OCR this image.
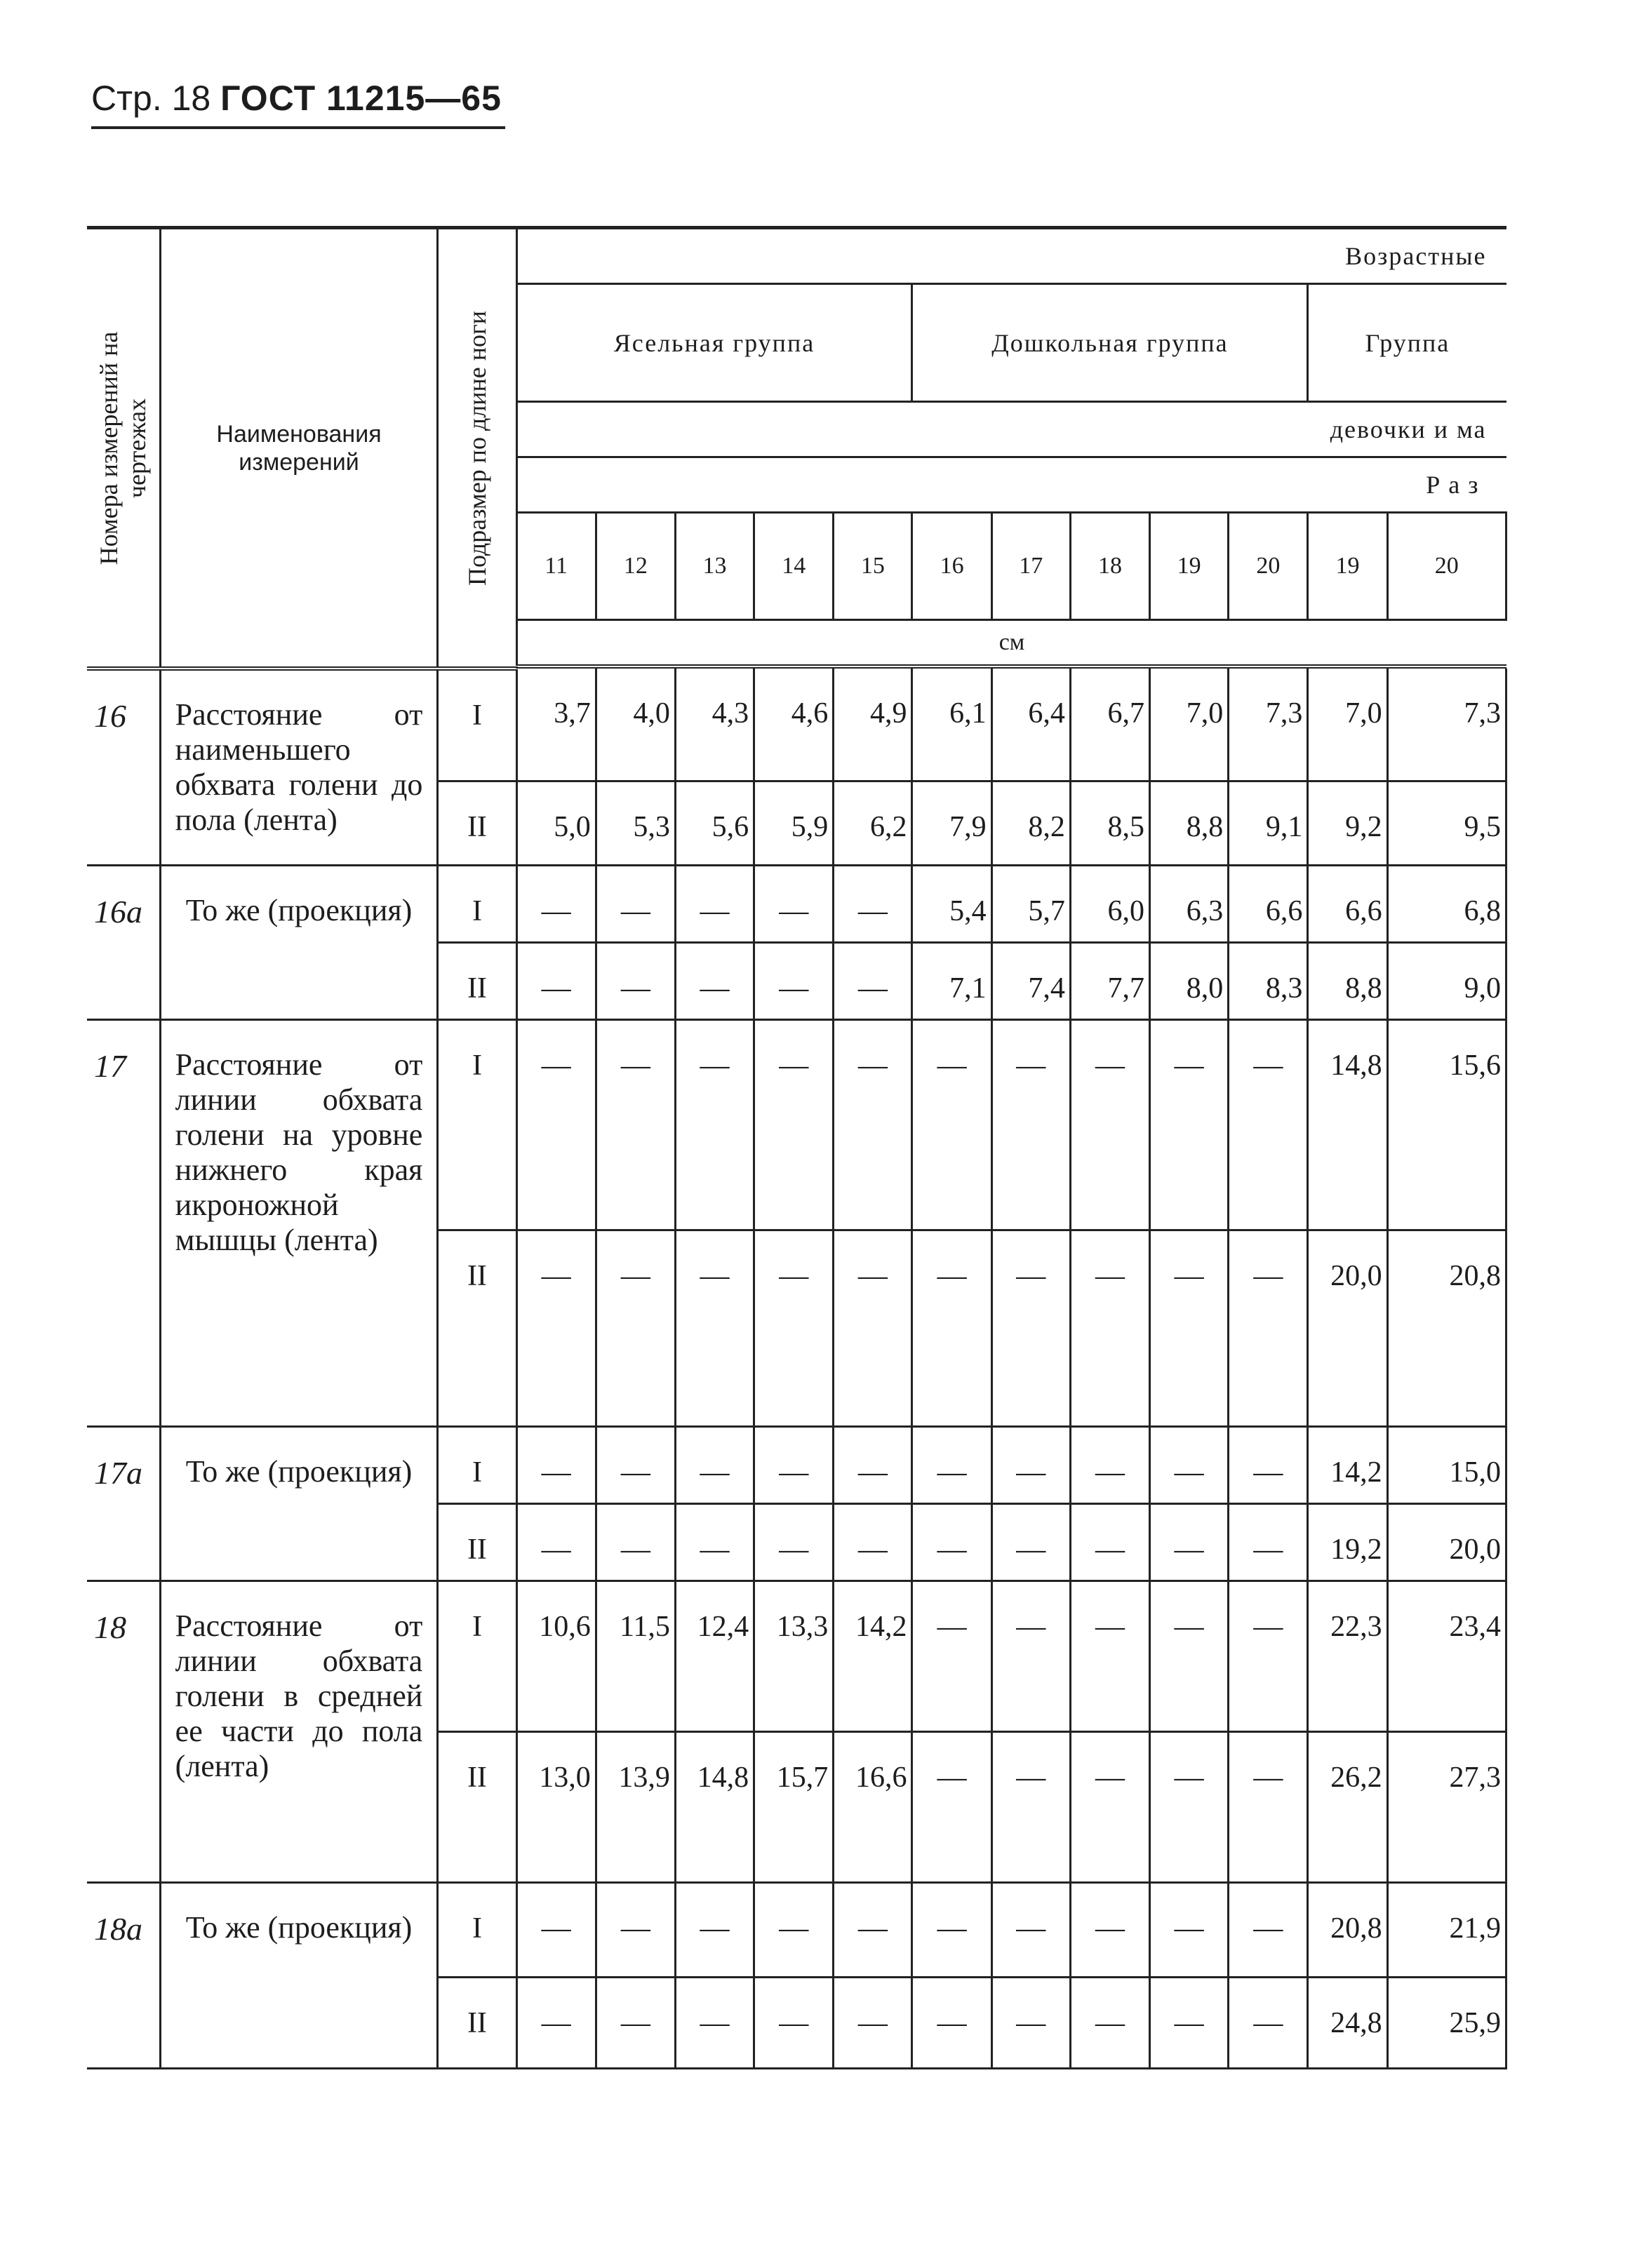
Стр. 18 ГОСТ 11215—65
Номера измерений на чертежах	Наименования измерений	Подразмер по длине ноги	Возрастные											
			Ясельная группа					Дошкольная группа					Группа	
			девочки и ма											
			Раз											
			11	12	13	14	15	16	17	18	19	20	19	20
			см											

16	Расстояние от наименьшего обхвата голени до пола (лента)	I	3,7	4,0	4,3	4,6	4,9	6,1	6,4	6,7	7,0	7,3	7,0	7,3
		II	5,0	5,3	5,6	5,9	6,2	7,9	8,2	8,5	8,8	9,1	9,2	9,5
16а	То же (проекция)	I	—	—	—	—	—	5,4	5,7	6,0	6,3	6,6	6,6	6,8
		II	—	—	—	—	—	7,1	7,4	7,7	8,0	8,3	8,8	9,0
17	Расстояние от линии обхвата голени на уровне нижнего края икроножной мышцы (лента)	I	—	—	—	—	—	—	—	—	—	—	14,8	15,6
		II	—	—	—	—	—	—	—	—	—	—	20,0	20,8
17а	То же (проекция)	I	—	—	—	—	—	—	—	—	—	—	14,2	15,0
		II	—	—	—	—	—	—	—	—	—	—	19,2	20,0
18	Расстояние от линии обхвата голени в средней ее части до пола (лента)	I	10,6	11,5	12,4	13,3	14,2	—	—	—	—	—	22,3	23,4
		II	13,0	13,9	14,8	15,7	16,6	—	—	—	—	—	26,2	27,3
18а	То же (проекция)	I	—	—	—	—	—	—	—	—	—	—	20,8	21,9
		II	—	—	—	—	—	—	—	—	—	—	24,8	25,9
